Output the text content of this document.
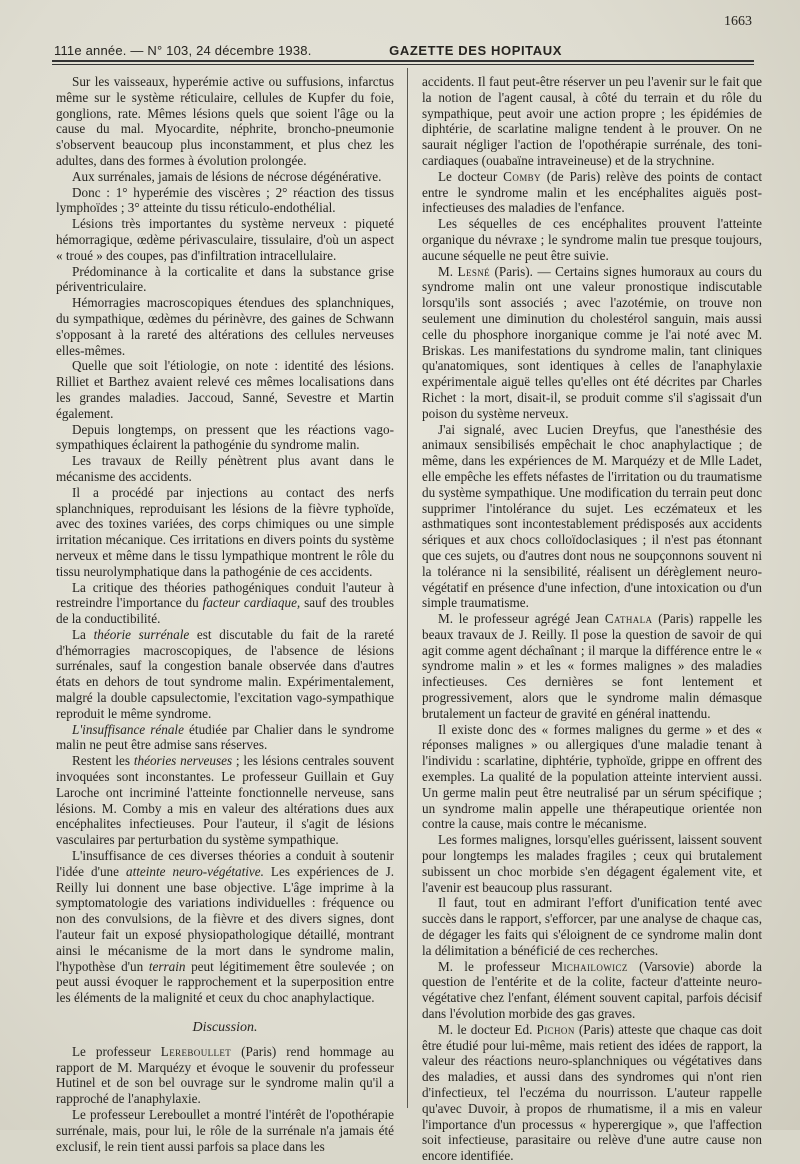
1663
111e année. — N° 103, 24 décembre 1938.	GAZETTE DES HOPITAUX

Sur les vaisseaux, hyperémie active ou suffusions, infarctus même sur le système réticulaire, cellules de Kupfer du foie, gonglions, rate. Mêmes lésions quels que soient l'âge ou la cause du mal. Myocardite, néphrite, broncho-pneumonie s'observent beaucoup plus inconstamment, et plus chez les adultes, dans des formes à évolution prolongée.

Aux surrénales, jamais de lésions de nécrose dégénérative.

Donc : 1° hyperémie des viscères ; 2° réaction des tissus lymphoïdes ; 3° atteinte du tissu réticulo-endothélial.

Lésions très importantes du système nerveux : piqueté hémorragique, œdème périvasculaire, tissulaire, d'où un aspect « troué » des coupes, pas d'infiltration intracellulaire.

Prédominance à la corticalite et dans la substance grise périventriculaire.

Hémorragies macroscopiques étendues des splanchniques, du sympathique, œdèmes du périnèvre, des gaines de Schwann s'opposant à la rareté des altérations des cellules nerveuses elles-mêmes.

Quelle que soit l'étiologie, on note : identité des lésions. Rilliet et Barthez avaient relevé ces mêmes localisations dans les grandes maladies. Jaccoud, Sanné, Sevestre et Martin également.

Depuis longtemps, on pressent que les réactions vago-sympathiques éclairent la pathogénie du syndrome malin.

Les travaux de Reilly pénètrent plus avant dans le mécanisme des accidents.

Il a procédé par injections au contact des nerfs splanchniques, reproduisant les lésions de la fièvre typhoïde, avec des toxines variées, des corps chimiques ou une simple irritation mécanique. Ces irritations en divers points du système nerveux et même dans le tissu lympathique montrent le rôle du tissu neurolymphatique dans la pathogénie de ces accidents.

La critique des théories pathogéniques conduit l'auteur à restreindre l'importance du facteur cardiaque, sauf des troubles de la conductibilité.

La théorie surrénale est discutable du fait de la rareté d'hémorragies macroscopiques, de l'absence de lésions surrénales, sauf la congestion banale observée dans d'autres états en dehors de tout syndrome malin. Expérimentalement, malgré la double capsulectomie, l'excitation vago-sympathique reproduit le même syndrome.

L'insuffisance rénale étudiée par Chalier dans le syndrome malin ne peut être admise sans réserves.

Restent les théories nerveuses ; les lésions centrales souvent invoquées sont inconstantes. Le professeur Guillain et Guy Laroche ont incriminé l'atteinte fonctionnelle nerveuse, sans lésions. M. Comby a mis en valeur des altérations dues aux encéphalites infectieuses. Pour l'auteur, il s'agit de lésions vasculaires par perturbation du système sympathique.

L'insuffisance de ces diverses théories a conduit à soutenir l'idée d'une atteinte neuro-végétative. Les expériences de J. Reilly lui donnent une base objective. L'âge imprime à la symptomatologie des variations individuelles : fréquence ou non des convulsions, de la fièvre et des divers signes, dont l'auteur fait un exposé physiopathologique détaillé, montrant ainsi le mécanisme de la mort dans le syndrome malin, l'hypothèse d'un terrain peut légitimement être soulevée ; on peut aussi évoquer le rapprochement et la superposition entre les éléments de la malignité et ceux du choc anaphylactique.

Discussion.

Le professeur Lereboullet (Paris) rend hommage au rapport de M. Marquézy et évoque le souvenir du professeur Hutinel et de son bel ouvrage sur le syndrome malin qu'il a rapproché de l'anaphylaxie.

Le professeur Lereboullet a montré l'intérêt de l'opothérapie surrénale, mais, pour lui, le rôle de la surrénale n'a jamais été exclusif, le rein tient aussi parfois sa place dans les

accidents. Il faut peut-être réserver un peu l'avenir sur le fait que la notion de l'agent causal, à côté du terrain et du rôle du sympathique, peut avoir une action propre ; les épidémies de diphtérie, de scarlatine maligne tendent à le prouver. On ne saurait négliger l'action de l'opothérapie surrénale, des toni-cardiaques (ouabaïne intraveineuse) et de la strychnine.

Le docteur Comby (de Paris) relève des points de contact entre le syndrome malin et les encéphalites aiguës post-infectieuses des maladies de l'enfance.

Les séquelles de ces encéphalites prouvent l'atteinte organique du névraxe ; le syndrome malin tue presque toujours, aucune séquelle ne peut être suivie.

M. Lesné (Paris). — Certains signes humoraux au cours du syndrome malin ont une valeur pronostique indiscutable lorsqu'ils sont associés ; avec l'azotémie, on trouve non seulement une diminution du cholestérol sanguin, mais aussi celle du phosphore inorganique comme je l'ai noté avec M. Briskas. Les manifestations du syndrome malin, tant cliniques qu'anatomiques, sont identiques à celles de l'anaphylaxie expérimentale aiguë telles qu'elles ont été décrites par Charles Richet : la mort, disait-il, se produit comme s'il s'agissait d'un poison du système nerveux.

J'ai signalé, avec Lucien Dreyfus, que l'anesthésie des animaux sensibilisés empêchait le choc anaphylactique ; de même, dans les expériences de M. Marquézy et de Mlle Ladet, elle empêche les effets néfastes de l'irritation ou du traumatisme du système sympathique. Une modification du terrain peut donc supprimer l'intolérance du sujet. Les eczémateux et les asthmatiques sont incontestablement prédisposés aux accidents sériques et aux chocs colloïdoclasiques ; il n'est pas étonnant que ces sujets, ou d'autres dont nous ne soupçonnons souvent ni la tolérance ni la sensibilité, réalisent un dérèglement neuro-végétatif en présence d'une infection, d'une intoxication ou d'un simple traumatisme.

M. le professeur agrégé Jean Cathala (Paris) rappelle les beaux travaux de J. Reilly. Il pose la question de savoir de qui agit comme agent déchaînant ; il marque la différence entre le « syndrome malin » et les « formes malignes » des maladies infectieuses. Ces dernières se font lentement et progressivement, alors que le syndrome malin démasque brutalement un facteur de gravité en général inattendu.

Il existe donc des « formes malignes du germe » et des « réponses malignes » ou allergiques d'une maladie tenant à l'individu : scarlatine, diphtérie, typhoïde, grippe en offrent des exemples. La qualité de la population atteinte intervient aussi. Un germe malin peut être neutralisé par un sérum spécifique ; un syndrome malin appelle une thérapeutique orientée non contre la cause, mais contre le mécanisme.

Les formes malignes, lorsqu'elles guérissent, laissent souvent pour longtemps les malades fragiles ; ceux qui brutalement subissent un choc morbide s'en dégagent également vite, et l'avenir est beaucoup plus rassurant.

Il faut, tout en admirant l'effort d'unification tenté avec succès dans le rapport, s'efforcer, par une analyse de chaque cas, de dégager les faits qui s'éloignent de ce syndrome malin dont la délimitation a bénéficié de ces recherches.

M. le professeur Michailowicz (Varsovie) aborde la question de l'entérite et de la colite, facteur d'atteinte neuro-végétative chez l'enfant, élément souvent capital, parfois décisif dans l'évolution morbide des gas graves.

M. le docteur Ed. Pichon (Paris) atteste que chaque cas doit être étudié pour lui-même, mais retient des idées de rapport, la valeur des réactions neuro-splanchniques ou végétatives dans des maladies, et aussi dans des syndromes qui n'ont rien d'infectieux, tel l'eczéma du nourrisson. L'auteur rappelle qu'avec Duvoir, à propos de rhumatisme, il a mis en valeur l'importance d'un processus « hyperergique », que l'affection soit infectieuse, parasitaire ou relève d'une autre cause non encore identifiée.
